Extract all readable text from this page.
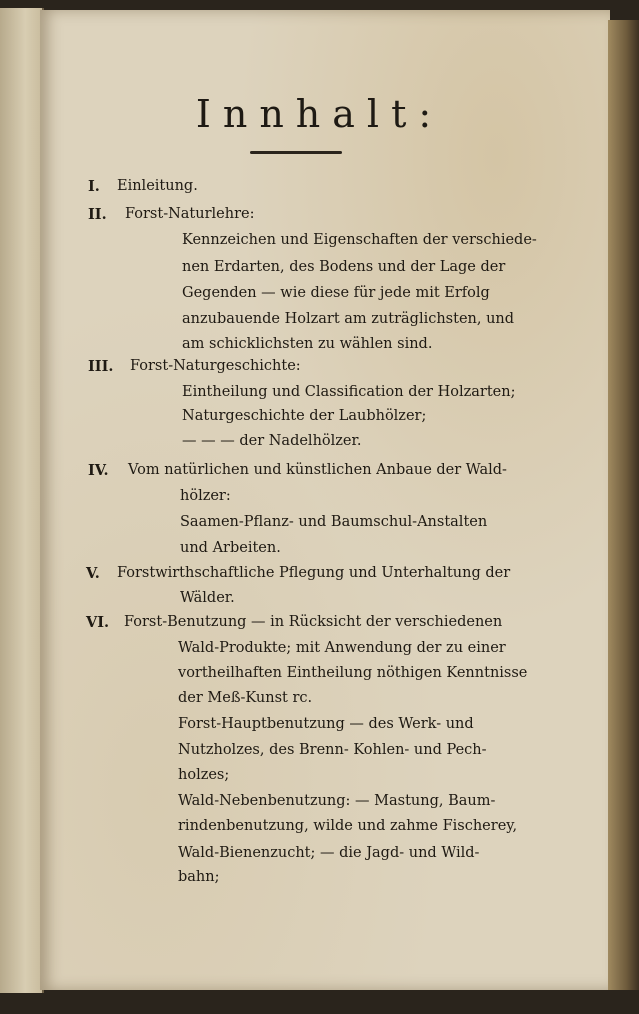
Innhalt:
I. Einleitung.
II. Forst-Naturlehre:
Kennzeichen und Eigenschaften der verschiede-
nen Erdarten, des Bodens und der Lage der
Gegenden — wie diese für jede mit Erfolg
anzubauende Holzart am zuträglichsten, und
am schicklichsten zu wählen sind.
III. Forst-Naturgeschichte:
Eintheilung und Classification der Holzarten;
Naturgeschichte der Laubhölzer;
— — — der Nadelhölzer.
IV. Vom natürlichen und künstlichen Anbaue der Wald-
hölzer:
Saamen-Pflanz- und Baumschul-Anstalten
und Arbeiten.
V. Forstwirthschaftliche Pflegung und Unterhaltung der
Wälder.
VI. Forst-Benutzung — in Rücksicht der verschiedenen
Wald-Produkte; mit Anwendung der zu einer
vortheilhaften Eintheilung nöthigen Kenntnisse
der Meß-Kunst rc.
Forst-Hauptbenutzung — des Werk- und
Nutzholzes, des Brenn- Kohlen- und Pech-
holzes;
Wald-Nebenbenutzung: — Mastung, Baum-
rindenbenutzung, wilde und zahme Fischerey,
Wald-Bienenzucht; — die Jagd- und Wild-
bahn;
